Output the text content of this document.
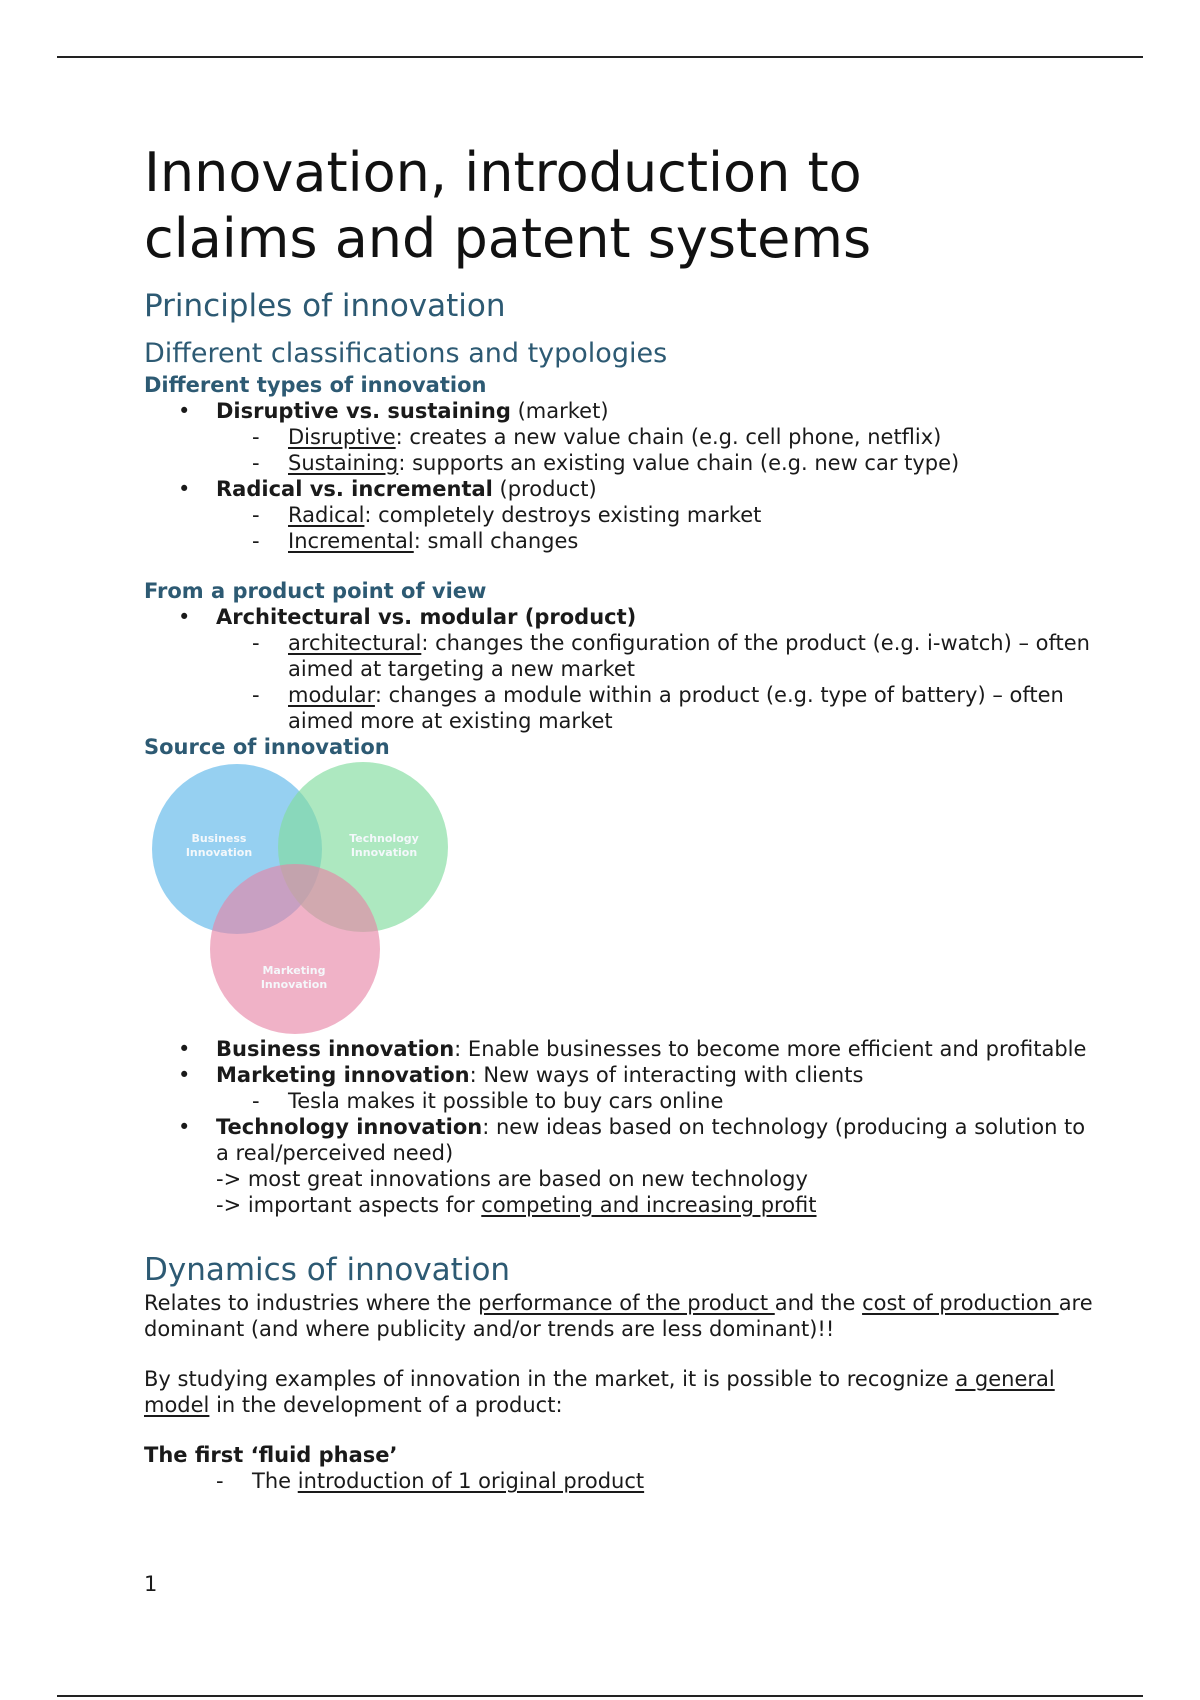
Innovation, introduction to
claims and patent systems
Principles of innovation
Different classifications and typologies
Different types of innovation
• Disruptive vs. sustaining (market)
- Disruptive: creates a new value chain (e.g. cell phone, netflix)
- Sustaining: supports an existing value chain (e.g. new car type)
• Radical vs. incremental (product)
- Radical: completely destroys existing market
- Incremental: small changes
From a product point of view
• Architectural vs. modular (product)
- architectural: changes the configuration of the product (e.g. i-watch) – often aimed at targeting a new market
- modular: changes a module within a product (e.g. type of battery) – often aimed more at existing market
Source of innovation
Business Innovation
Technology Innovation
Marketing Innovation
• Business innovation: Enable businesses to become more efficient and profitable
• Marketing innovation: New ways of interacting with clients
- Tesla makes it possible to buy cars online
• Technology innovation: new ideas based on technology (producing a solution to a real/perceived need)
-> most great innovations are based on new technology
-> important aspects for competing and increasing profit
Dynamics of innovation

Relates to industries where the performance of the product and the cost of production are dominant (and where publicity and/or trends are less dominant)!!

By studying examples of innovation in the market, it is possible to recognize a general model in the development of a product:

The first ‘fluid phase’
- The introduction of 1 original product
1
